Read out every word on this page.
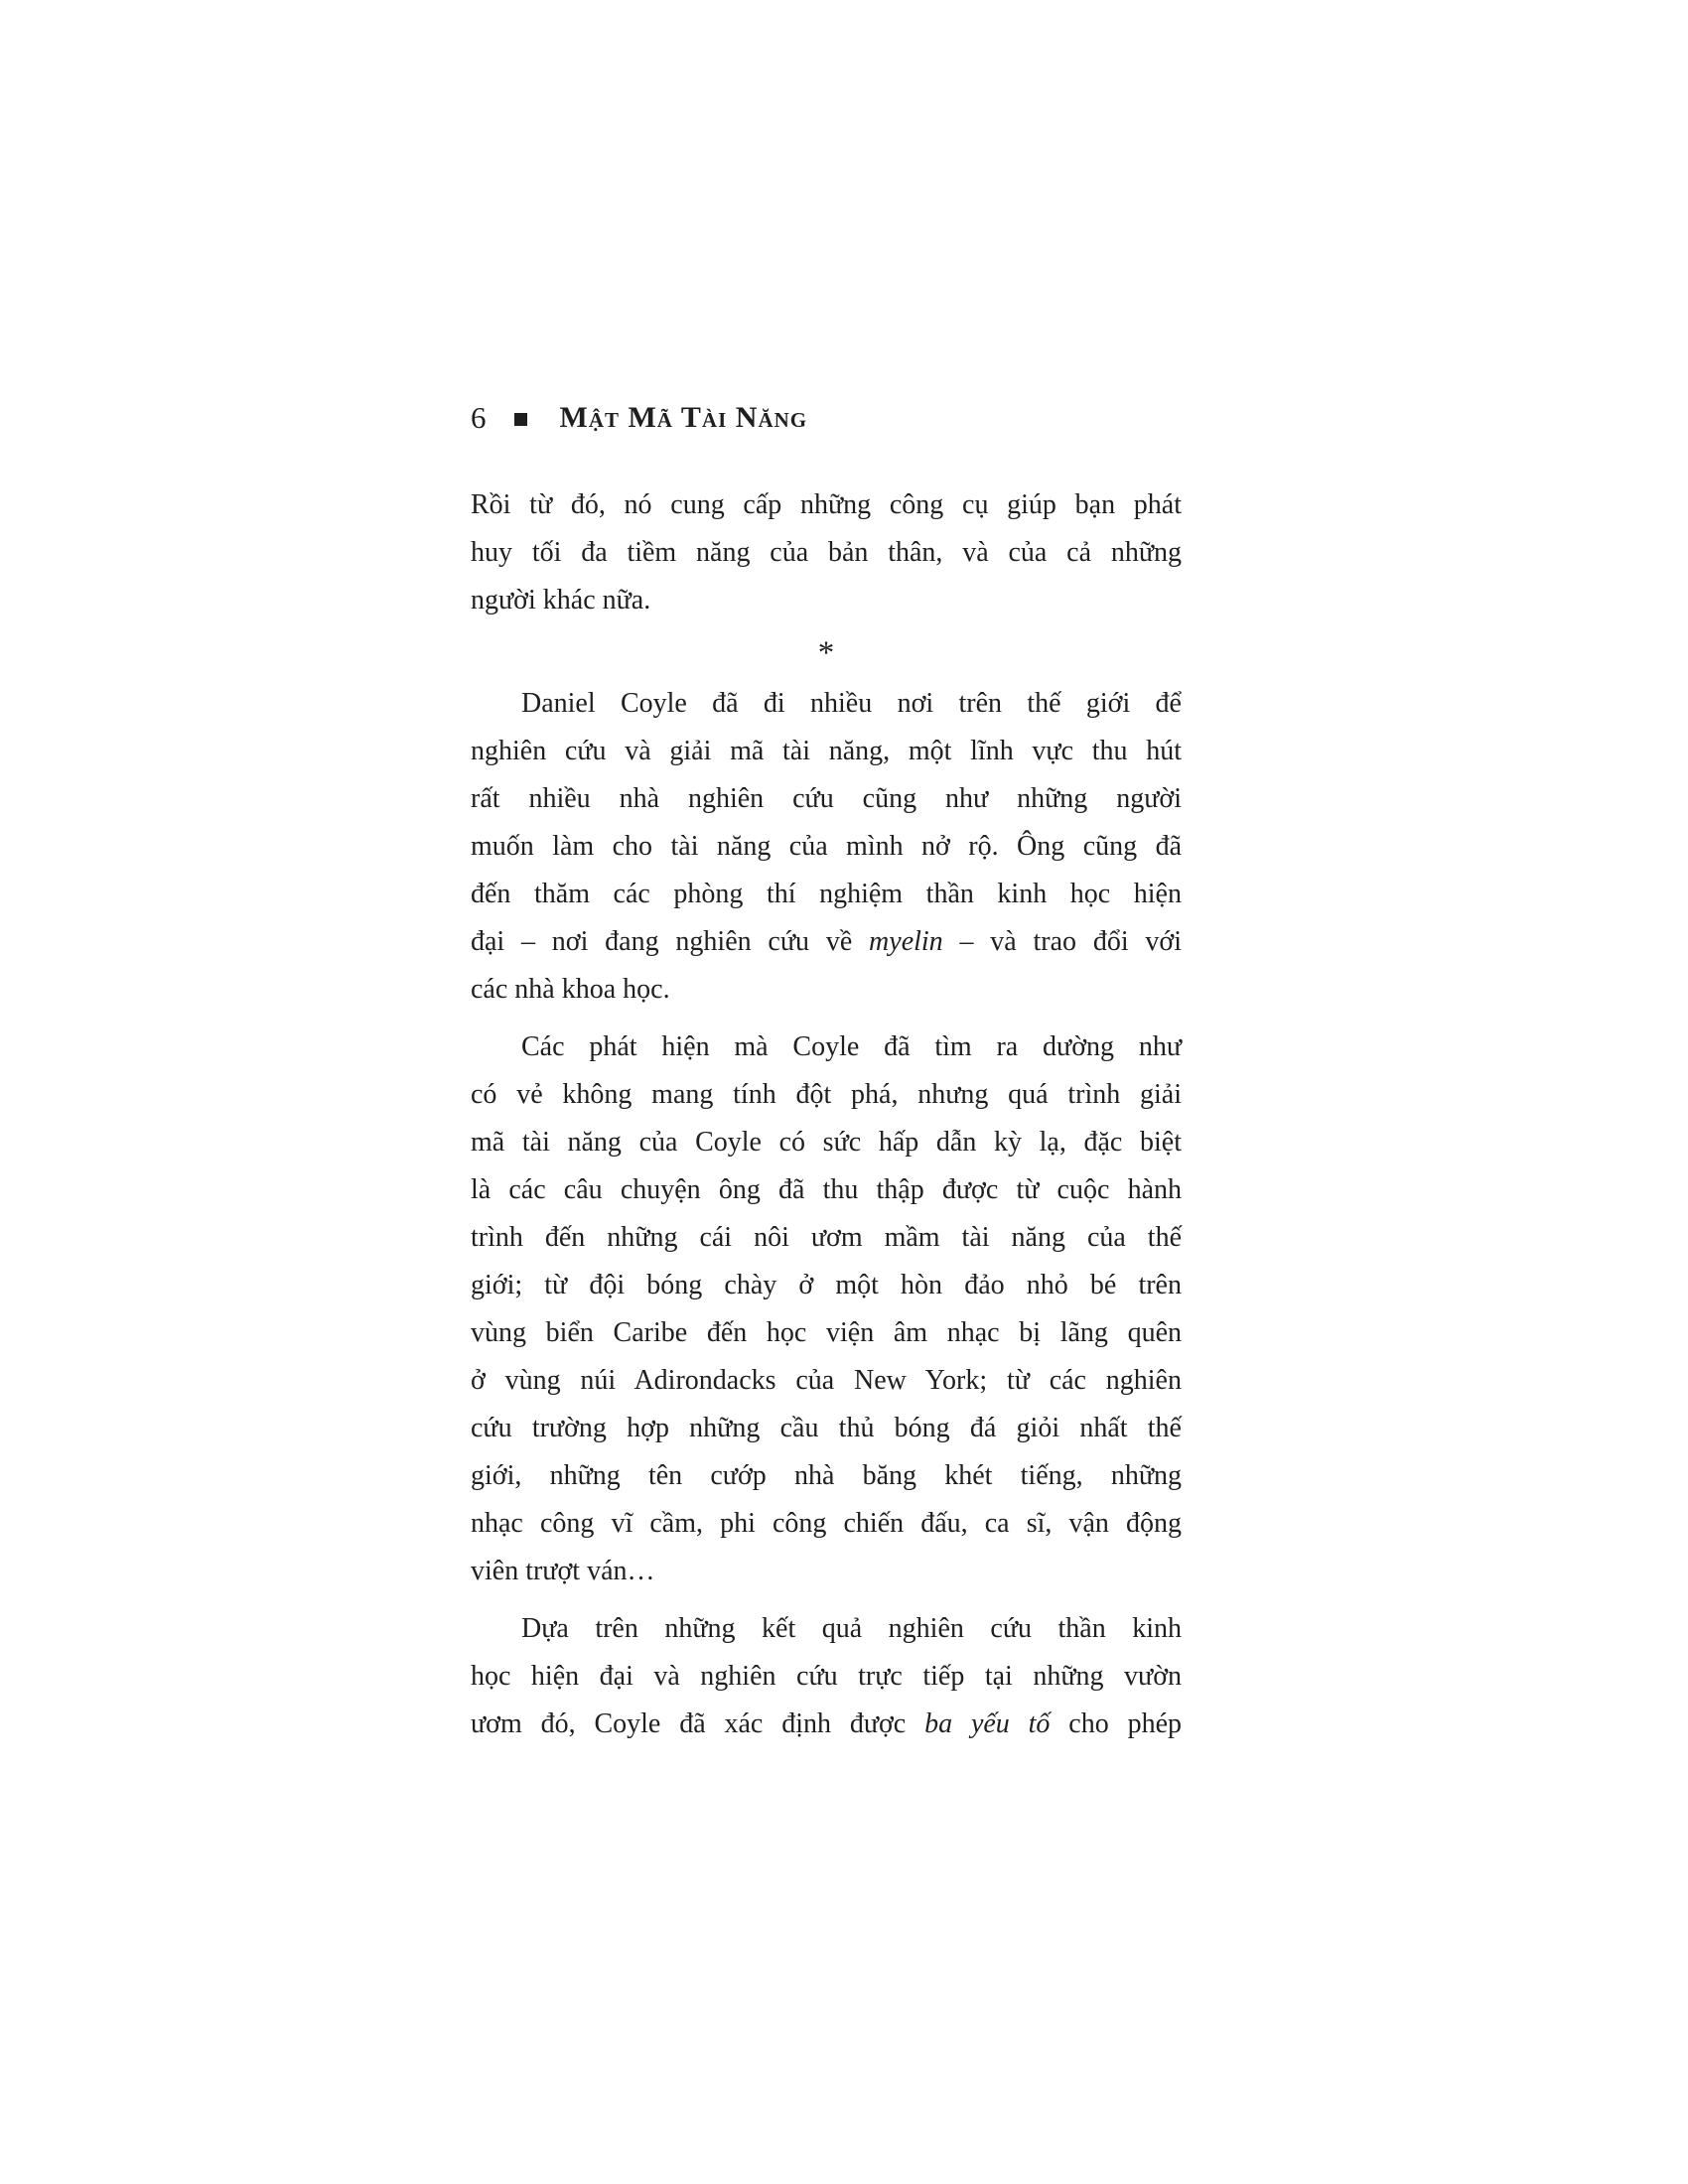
6 Mật Mã Tài Năng
Rồi từ đó, nó cung cấp những công cụ giúp bạn phát
huy tối đa tiềm năng của bản thân, và của cả những
người khác nữa.
*
Daniel Coyle đã đi nhiều nơi trên thế giới để
nghiên cứu và giải mã tài năng, một lĩnh vực thu hút
rất nhiều nhà nghiên cứu cũng như những người
muốn làm cho tài năng của mình nở rộ. Ông cũng đã
đến thăm các phòng thí nghiệm thần kinh học hiện
đại – nơi đang nghiên cứu về myelin – và trao đổi với
các nhà khoa học.
Các phát hiện mà Coyle đã tìm ra dường như
có vẻ không mang tính đột phá, nhưng quá trình giải
mã tài năng của Coyle có sức hấp dẫn kỳ lạ, đặc biệt
là các câu chuyện ông đã thu thập được từ cuộc hành
trình đến những cái nôi ươm mầm tài năng của thế
giới; từ đội bóng chày ở một hòn đảo nhỏ bé trên
vùng biển Caribe đến học viện âm nhạc bị lãng quên
ở vùng núi Adirondacks của New York; từ các nghiên
cứu trường hợp những cầu thủ bóng đá giỏi nhất thế
giới, những tên cướp nhà băng khét tiếng, những
nhạc công vĩ cầm, phi công chiến đấu, ca sĩ, vận động
viên trượt ván…
Dựa trên những kết quả nghiên cứu thần kinh
học hiện đại và nghiên cứu trực tiếp tại những vườn
ươm đó, Coyle đã xác định được ba yếu tố cho phép
